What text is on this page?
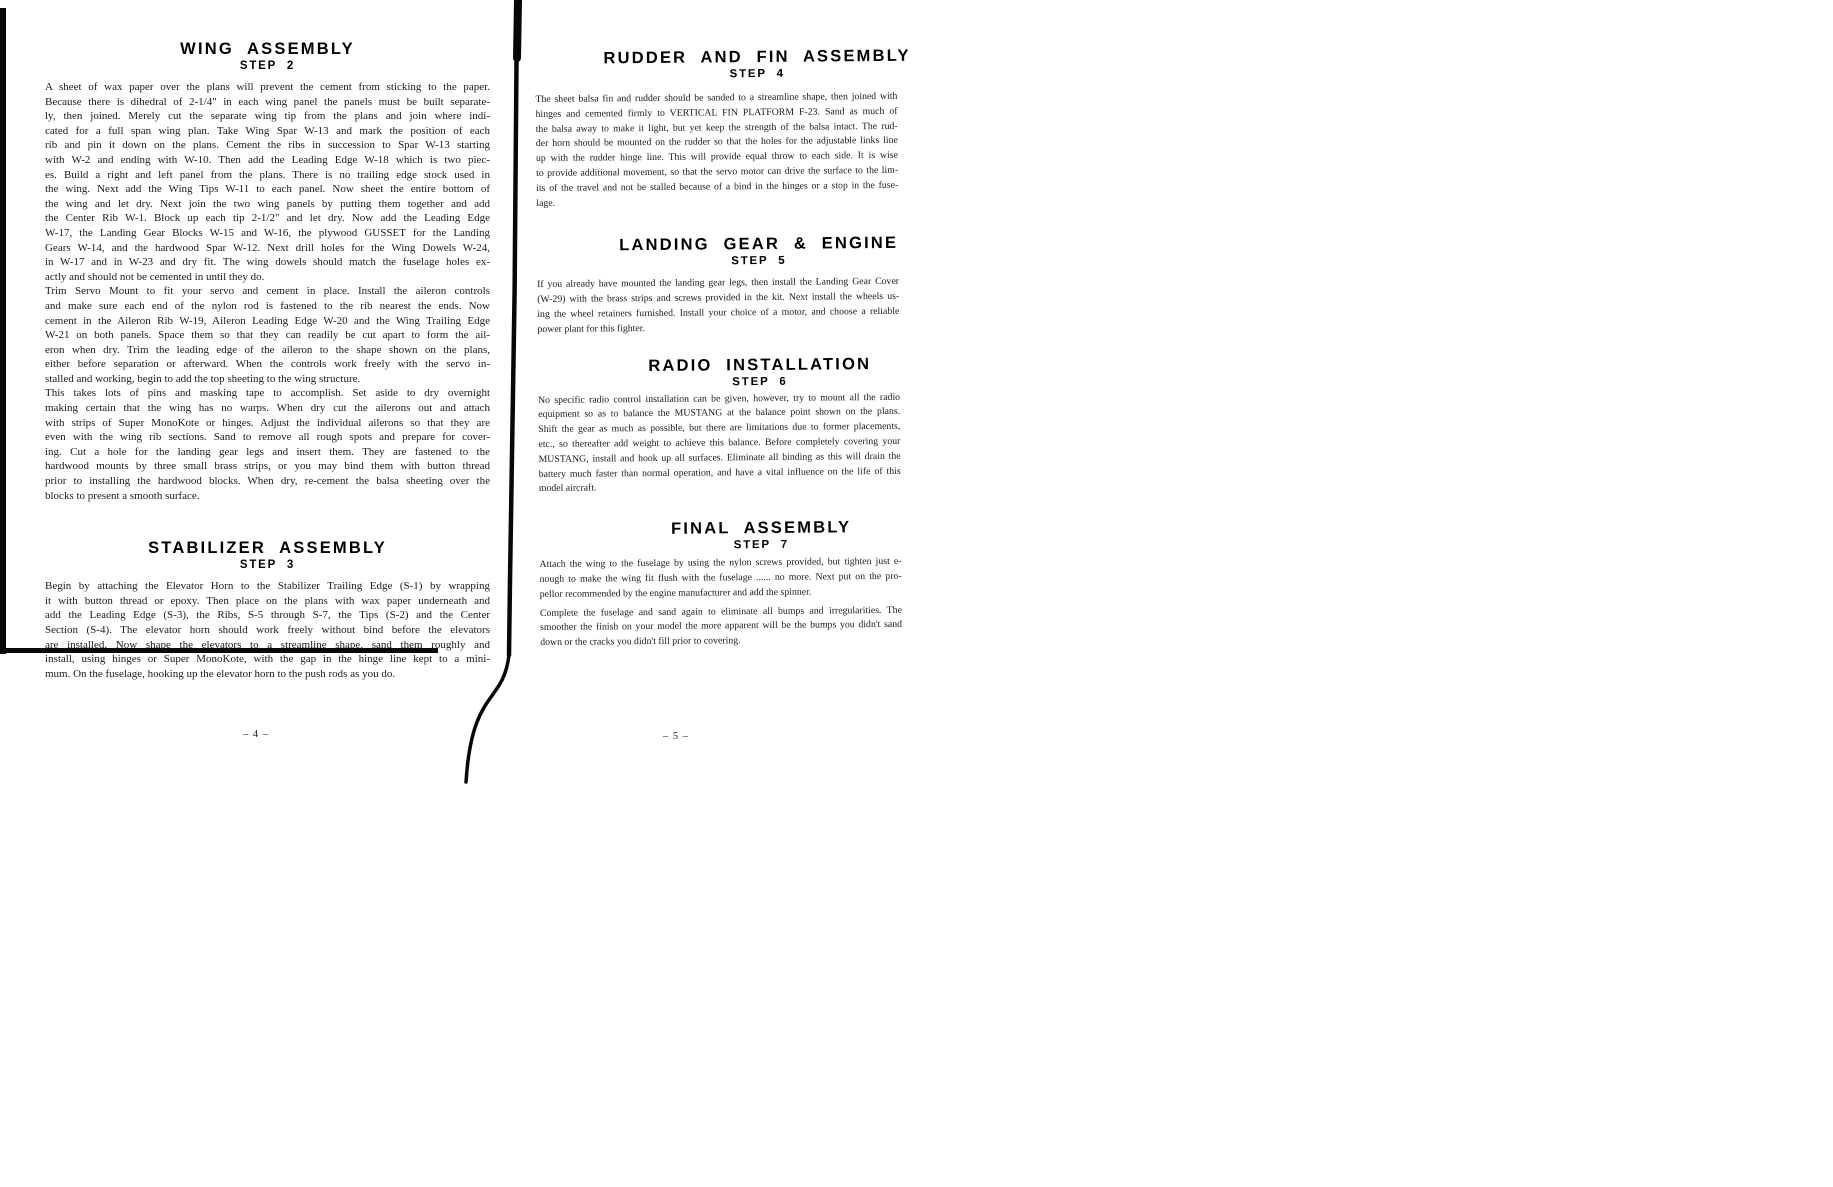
WING ASSEMBLY
STEP 2
A sheet of wax paper over the plans will prevent the cement from sticking to the paper.
Because there is dihedral of 2-1/4" in each wing panel the panels must be built separate-
ly, then joined. Merely cut the separate wing tip from the plans and join where indi-
cated for a full span wing plan. Take Wing Spar W-13 and mark the position of each
rib and pin it down on the plans. Cement the ribs in succession to Spar W-13 starting
with W-2 and ending with W-10. Then add the Leading Edge W-18 which is two piec-
es. Build a right and left panel from the plans. There is no trailing edge stock used in
the wing. Next add the Wing Tips W-11 to each panel. Now sheet the entire bottom of
the wing and let dry. Next join the two wing panels by putting them together and add
the Center Rib W-1. Block up each tip 2-1/2" and let dry. Now add the Leading Edge
W-17, the Landing Gear Blocks W-15 and W-16, the plywood GUSSET for the Landing
Gears W-14, and the hardwood Spar W-12. Next drill holes for the Wing Dowels W-24,
in W-17 and in W-23 and dry fit. The wing dowels should match the fuselage holes ex-
actly and should not be cemented in until they do.
Trim Servo Mount to fit your servo and cement in place. Install the aileron controls
and make sure each end of the nylon rod is fastened to the rib nearest the ends. Now
cement in the Aileron Rib W-19, Aileron Leading Edge W-20 and the Wing Trailing Edge
W-21 on both panels. Space them so that they can readily be cut apart to form the ail-
eron when dry. Trim the leading edge of the aileron to the shape shown on the plans,
either before separation or afterward. When the controls work freely with the servo in-
stalled and working, begin to add the top sheeting to the wing structure.
This takes lots of pins and masking tape to accomplish. Set aside to dry overnight
making certain that the wing has no warps. When dry cut the ailerons out and attach
with strips of Super MonoKote or hinges. Adjust the individual ailerons so that they are
even with the wing rib sections. Sand to remove all rough spots and prepare for cover-
ing. Cut a hole for the landing gear legs and insert them. They are fastened to the
hardwood mounts by three small brass strips, or you may bind them with button thread
prior to installing the hardwood blocks. When dry, re-cement the balsa sheeting over the
blocks to present a smooth surface.
STABILIZER ASSEMBLY
STEP 3
Begin by attaching the Elevator Horn to the Stabilizer Trailing Edge (S-1) by wrapping
it with button thread or epoxy. Then place on the plans with wax paper underneath and
add the Leading Edge (S-3), the Ribs, S-5 through S-7, the Tips (S-2) and the Center
Section (S-4). The elevator horn should work freely without bind before the elevators
are installed. Now shape the elevators to a streamline shape, sand them roughly and
install, using hinges or Super MonoKote, with the gap in the hinge line kept to a mini-
mum. On the fuselage, hooking up the elevator horn to the push rods as you do.
– 4 –
RUDDER AND FIN ASSEMBLY
STEP 4
The sheet balsa fin and rudder should be sanded to a streamline shape, then joined with
hinges and cemented firmly to VERTICAL FIN PLATFORM F-23. Sand as much of
the balsa away to make it light, but yet keep the strength of the balsa intact. The rud-
der horn should be mounted on the rudder so that the holes for the adjustable links line
up with the rudder hinge line. This will provide equal throw to each side. It is wise
to provide additional movement, so that the servo motor can drive the surface to the lim-
its of the travel and not be stalled because of a bind in the hinges or a stop in the fuse-
lage.
LANDING GEAR & ENGINE
STEP 5
If you already have mounted the landing gear legs, then install the Landing Gear Cover
(W-29) with the brass strips and screws provided in the kit. Next install the wheels us-
ing the wheel retainers furnished. Install your choice of a motor, and choose a reliable
power plant for this fighter.
RADIO INSTALLATION
STEP 6
No specific radio control installation can be given, however, try to mount all the radio
equipment so as to balance the MUSTANG at the balance point shown on the plans.
Shift the gear as much as possible, but there are limitations due to former placements,
etc., so thereafter add weight to achieve this balance. Before completely covering your
MUSTANG, install and hook up all surfaces. Eliminate all binding as this will drain the
battery much faster than normal operation, and have a vital influence on the life of this
model aircraft.
FINAL ASSEMBLY
STEP 7
Attach the wing to the fuselage by using the nylon screws provided, but tighten just e-
nough to make the wing fit flush with the fuselage ...... no more. Next put on the pro-
pellor recommended by the engine manufacturer and add the spinner.
Complete the fuselage and sand again to eliminate all bumps and irregularities. The
smoother the finish on your model the more apparent will be the bumps you didn't sand
down or the cracks you didn't fill prior to covering.
– 5 –
